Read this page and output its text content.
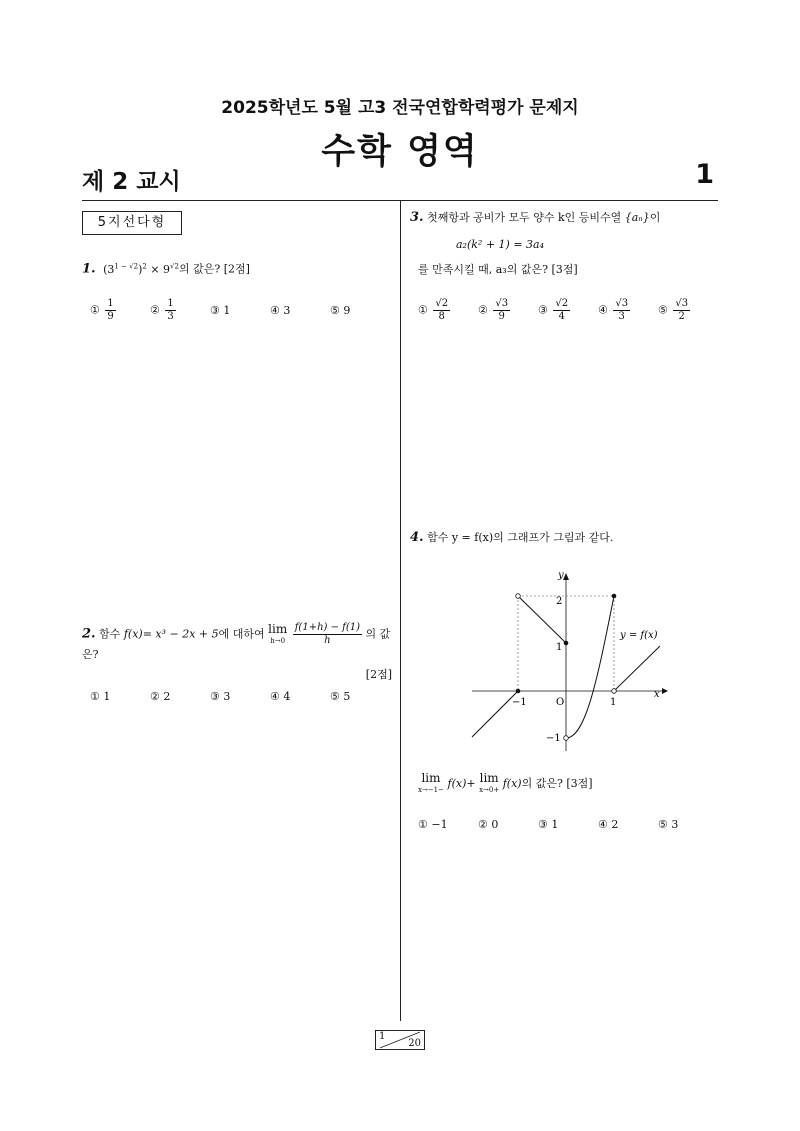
2025학년도 5월 고3 전국연합학력평가 문제지
수학 영역
제 2 교시	1
5지선다형
1. $(3^{1 - √2})^2 \times 9^{√2}$의 값은? [2점]
① $\frac{1}{9}$	② $\frac{1}{3}$	③ 1	④ 3	⑤ 9
2. 함수 f(x)= x³ − 2x + 5에 대하여 lim
h→0
$\frac{f(1+h) - f(1)}{h}$ 의 값은?
[2점]
① 1	② 2	③ 3	④ 4	⑤ 5
3. 첫째항과 공비가 모두 양수 k인 등비수열 {aₙ}이
a₂(k² + 1) = 3a₄
를 만족시킬 때, a₃의 값은? [3점]
① $\frac{√2}{8}$	② $\frac{√3}{9}$	③ $\frac{√2}{4}$	④ $\frac{√3}{3}$	⑤ $\frac{√3}{2}$
4. 함수 y = f(x)의 그래프가 그림과 같다.
y
x
2
1
−1
−1	1
O
y = f(x)
lim
x→−1− f(x)+ lim
x→0+ f(x)의 값은? [3점]
① −1	② 0	③ 1	④ 2	⑤ 3
1
20
